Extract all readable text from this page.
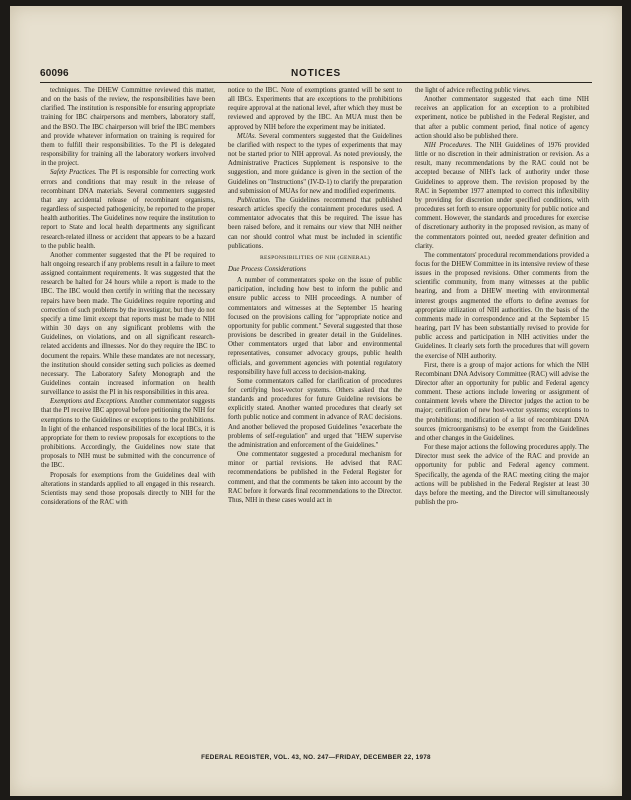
60096	NOTICES

techniques. The DHEW Committee reviewed this matter, and on the basis of the review, the responsibilities have been clarified. The institution is responsible for ensuring appropriate training for IBC chairpersons and members, laboratory staff, and the BSO. The IBC chairperson will brief the IBC members and provide whatever information on training is required for them to fulfill their responsibilities. To the PI is delegated responsibility for training all the laboratory workers involved in the project.

Safety Practices. The PI is responsible for correcting work errors and conditions that may result in the release of recombinant DNA materials. Several commenters suggested that any accidental release of recombinant organisms, regardless of suspected pathogenicity, be reported to the proper health authorities. The Guidelines now require the institution to report to State and local health departments any significant research-related illness or accident that appears to be a hazard to the public health.

Another commenter suggested that the PI be required to halt ongoing research if any problems result in a failure to meet assigned containment requirements. It was suggested that the research be halted for 24 hours while a report is made to the IBC. The IBC would then certify in writing that the necessary repairs have been made. The Guidelines require reporting and correction of such problems by the investigator, but they do not specify a time limit except that reports must be made to NIH within 30 days on any significant problems with the Guidelines, on violations, and on all significant research-related accidents and illnesses. Nor do they require the IBC to document the repairs. While these mandates are not necessary, the institution should consider setting such policies as deemed necessary. The Laboratory Safety Monograph and the Guidelines contain increased information on health surveillance to assist the PI in his responsibilities in this area.

Exemptions and Exceptions. Another commentator suggests that the PI receive IBC approval before petitioning the NIH for exemptions to the Guidelines or exceptions to the prohibitions. In light of the enhanced responsibilities of the local IBCs, it is appropriate for them to review proposals for exceptions to the prohibitions. Accordingly, the Guidelines now state that proposals to NIH must be submitted with the concurrence of the IBC.

Proposals for exemptions from the Guidelines deal with alterations in standards applied to all engaged in this research. Scientists may send those proposals directly to NIH for the considerations of the RAC with

notice to the IBC. Note of exemptions granted will be sent to all IBCs. Experiments that are exceptions to the prohibitions require approval at the national level, after which they must be reviewed and approved by the IBC. An MUA must then be approved by NIH before the experiment may be initiated.

MUAs. Several commenters suggested that the Guidelines be clarified with respect to the types of experiments that may not be started prior to NIH approval. As noted previously, the Administrative Practices Supplement is responsive to the suggestion, and more guidance is given in the section of the Guidelines on "Instructions" (IV-D-1) to clarify the preparation and submission of MUAs for new and modified experiments.

Publication. The Guidelines recommend that published research articles specify the containment procedures used. A commentator advocates that this be required. The issue has been raised before, and it remains our view that NIH neither can nor should control what must be included in scientific publications.

RESPONSIBILITIES OF NIH (GENERAL)

Due Process Considerations

A number of commentators spoke on the issue of public participation, including how best to inform the public and ensure public access to NIH proceedings. A number of commentators and witnesses at the September 15 hearing focused on the provisions calling for "appropriate notice and opportunity for public comment." Several suggested that those provisions be described in greater detail in the Guidelines. Other commentators urged that labor and environmental representatives, consumer advocacy groups, public health officials, and government agencies with potential regulatory responsibility have full access to decision-making.

Some commentators called for clarification of procedures for certifying host-vector systems. Others asked that the standards and procedures for future Guideline revisions be explicitly stated. Another wanted procedures that clearly set forth public notice and comment in advance of RAC decisions. And another believed the proposed Guidelines "exacerbate the problems of self-regulation" and urged that "HEW supervise the administration and enforcement of the Guidelines."

One commentator suggested a procedural mechanism for minor or partial revisions. He advised that RAC recommendations be published in the Federal Register for comment, and that the comments be taken into account by the RAC before it forwards final recommendations to the Director. Thus, NIH in these cases would act in

the light of advice reflecting public views.

Another commentator suggested that each time NIH receives an application for an exception to a prohibited experiment, notice be published in the Federal Register, and that after a public comment period, final notice of agency action should also be published there.

NIH Procedures. The NIH Guidelines of 1976 provided little or no discretion in their administration or revision. As a result, many recommendations by the RAC could not be accepted because of NIH's lack of authority under those Guidelines to approve them. The revision proposed by the RAC in September 1977 attempted to correct this inflexibility by providing for discretion under specified conditions, with procedures set forth to ensure opportunity for public notice and comment. However, the standards and procedures for exercise of discretionary authority in the proposed revision, as many of the commentators pointed out, needed greater definition and clarity.

The commentators' procedural recommendations provided a focus for the DHEW Committee in its intensive review of these issues in the proposed revisions. Other comments from the scientific community, from many witnesses at the public hearing, and from a DHEW meeting with environmental interest groups augmented the efforts to define avenues for appropriate utilization of NIH authorities. On the basis of the comments made in correspondence and at the September 15 hearing, part IV has been substantially revised to provide for public access and participation in NIH activities under the Guidelines. It clearly sets forth the procedures that will govern the exercise of NIH authority.

First, there is a group of major actions for which the NIH Recombinant DNA Advisory Committee (RAC) will advise the Director after an opportunity for public and Federal agency comment. These actions include lowering or assignment of containment levels where the Director judges the action to be major; certification of new host-vector systems; exceptions to the prohibitions; modification of a list of recombinant DNA sources (microorganisms) to be exempt from the Guidelines and other changes in the Guidelines.

For these major actions the following procedures apply. The Director must seek the advice of the RAC and provide an opportunity for public and Federal agency comment. Specifically, the agenda of the RAC meeting citing the major actions will be published in the Federal Register at least 30 days before the meeting, and the Director will simultaneously publish the pro-

FEDERAL REGISTER, VOL. 43, NO. 247—FRIDAY, DECEMBER 22, 1978
